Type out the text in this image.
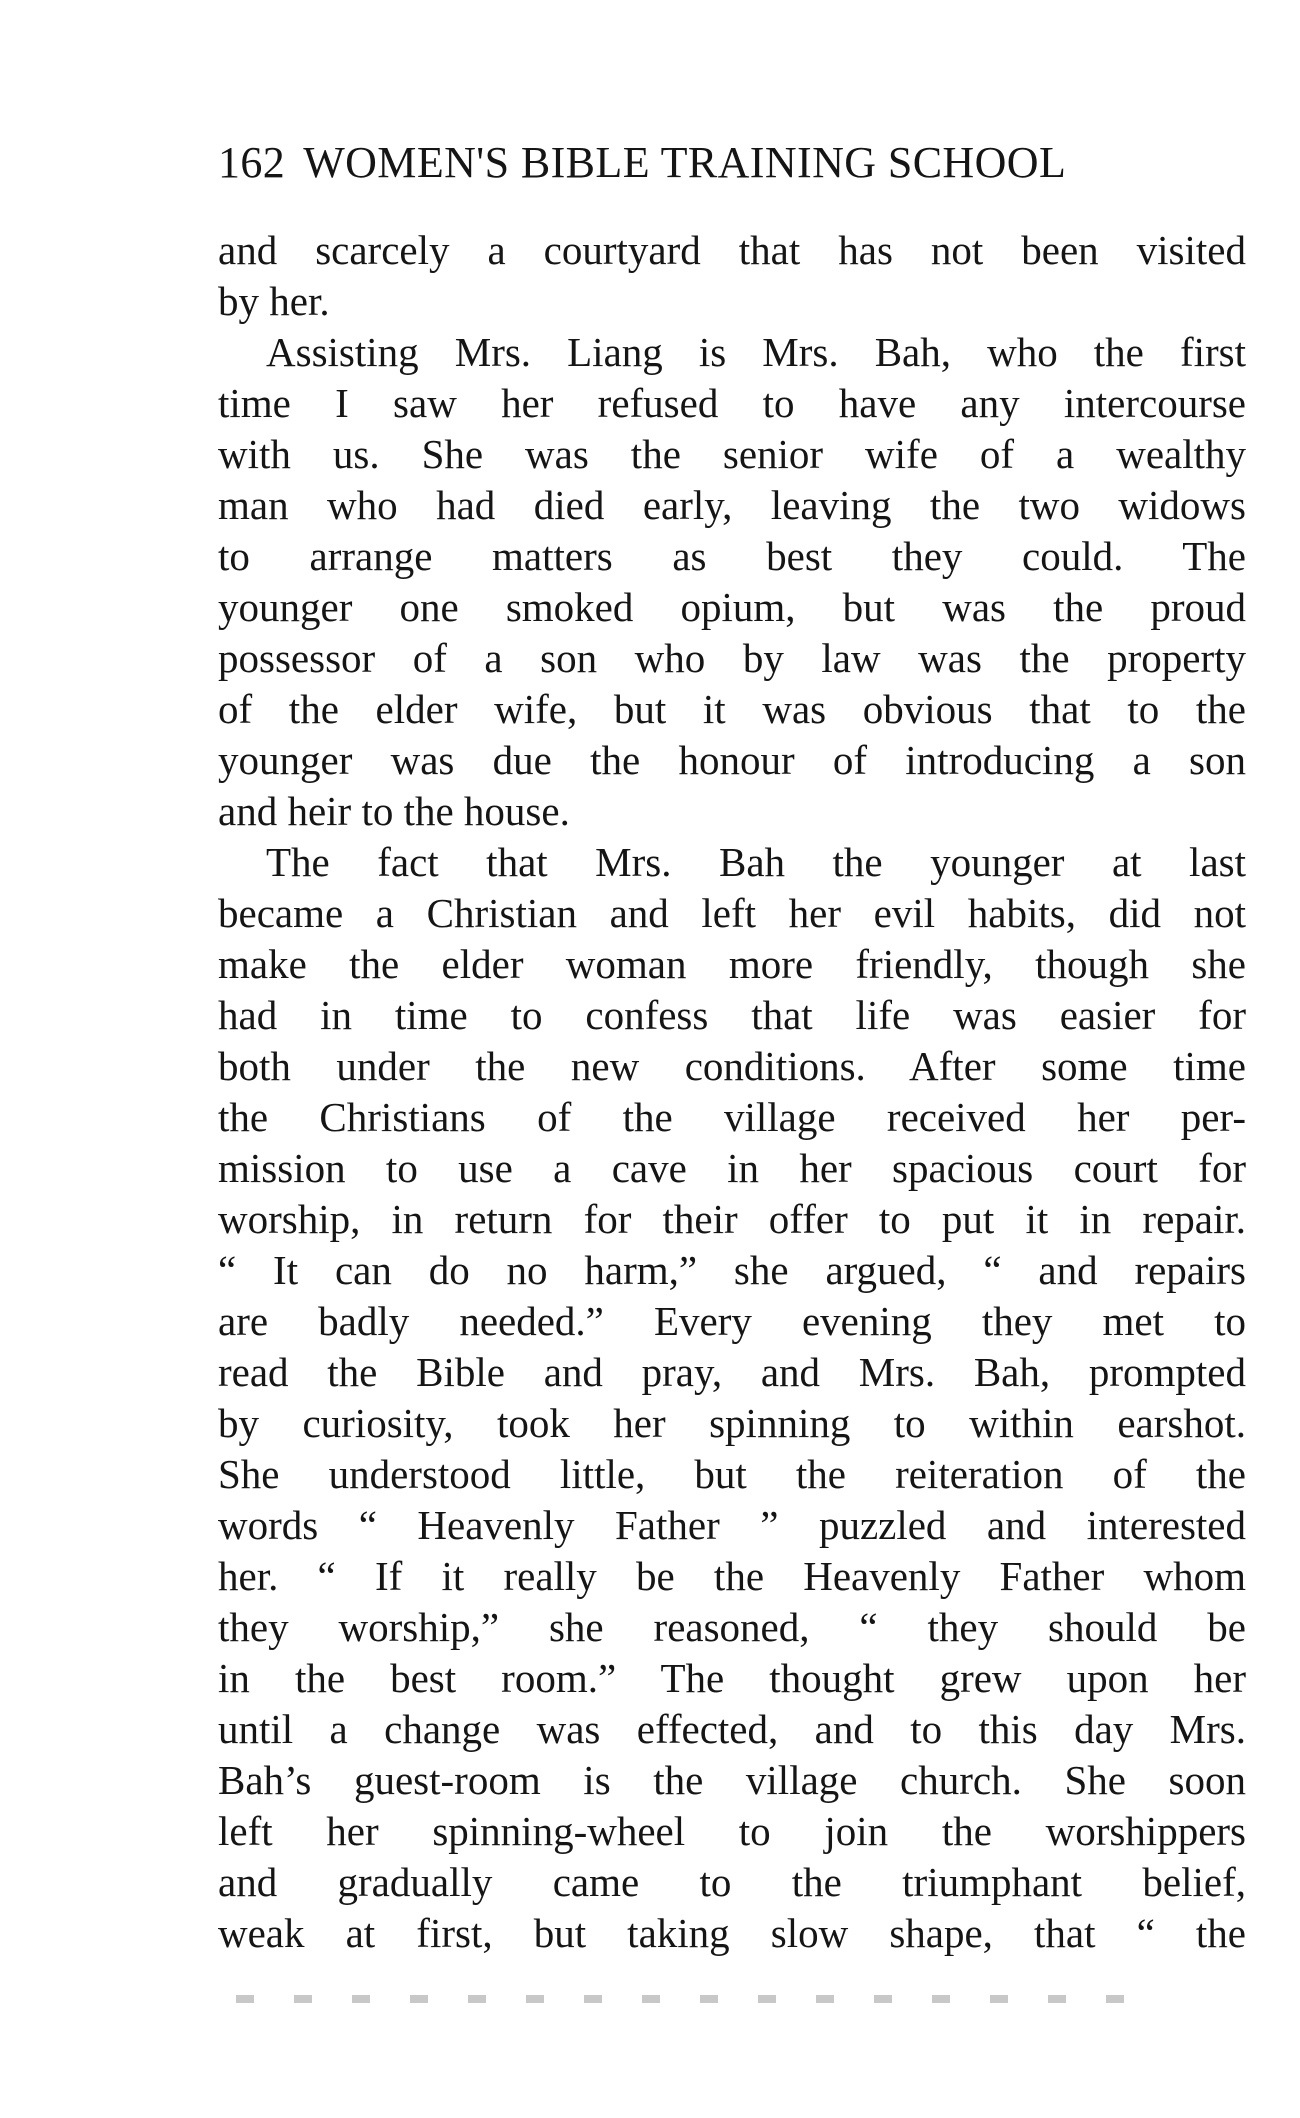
162 WOMEN'S BIBLE TRAINING SCHOOL
and scarcely a courtyard that has not been visited
by her.
Assisting Mrs. Liang is Mrs. Bah, who the first
time I saw her refused to have any intercourse
with us. She was the senior wife of a wealthy
man who had died early, leaving the two widows
to arrange matters as best they could. The
younger one smoked opium, but was the proud
possessor of a son who by law was the property
of the elder wife, but it was obvious that to the
younger was due the honour of introducing a son
and heir to the house.
The fact that Mrs. Bah the younger at last
became a Christian and left her evil habits, did not
make the elder woman more friendly, though she
had in time to confess that life was easier for
both under the new conditions. After some time
the Christians of the village received her per-
mission to use a cave in her spacious court for
worship, in return for their offer to put it in repair.
“ It can do no harm,” she argued, “ and repairs
are badly needed.” Every evening they met to
read the Bible and pray, and Mrs. Bah, prompted
by curiosity, took her spinning to within earshot.
She understood little, but the reiteration of the
words “ Heavenly Father ” puzzled and interested
her. “ If it really be the Heavenly Father whom
they worship,” she reasoned, “ they should be
in the best room.” The thought grew upon her
until a change was effected, and to this day Mrs.
Bah’s guest-room is the village church. She soon
left her spinning-wheel to join the worshippers
and gradually came to the triumphant belief,
weak at first, but taking slow shape, that “ the
